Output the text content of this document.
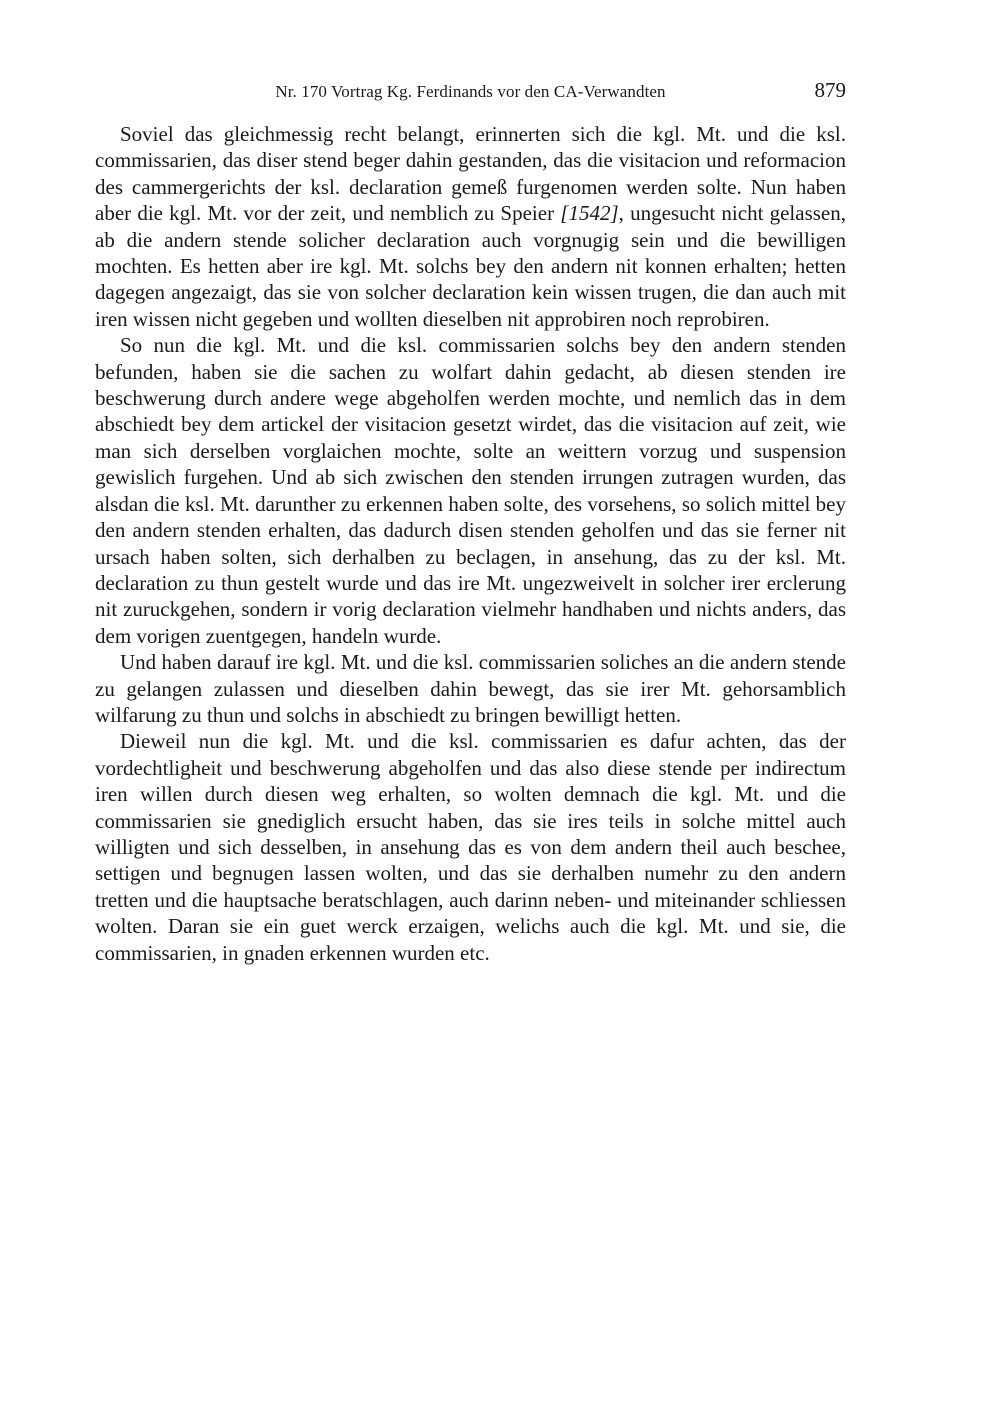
Nr. 170 Vortrag Kg. Ferdinands vor den CA-Verwandten	879

Soviel das gleichmessig recht belangt, erinnerten sich die kgl. Mt. und die ksl. commissarien, das diser stend beger dahin gestanden, das die visitacion und reformacion des cammergerichts der ksl. declaration gemeß furgenomen werden solte. Nun haben aber die kgl. Mt. vor der zeit, und nemblich zu Speier [1542], ungesucht nicht gelassen, ab die andern stende solicher declaration auch vorgnugig sein und die bewilligen mochten. Es hetten aber ire kgl. Mt. solchs bey den andern nit konnen erhalten; hetten dagegen angezaigt, das sie von solcher declaration kein wissen trugen, die dan auch mit iren wissen nicht gegeben und wollten dieselben nit approbiren noch reprobiren.

So nun die kgl. Mt. und die ksl. commissarien solchs bey den andern stenden befunden, haben sie die sachen zu wolfart dahin gedacht, ab diesen stenden ire beschwerung durch andere wege abgeholfen werden mochte, und nemlich das in dem abschiedt bey dem artickel der visitacion gesetzt wirdet, das die visitacion auf zeit, wie man sich derselben vorglaichen mochte, solte an weittern vorzug und suspension gewislich furgehen. Und ab sich zwischen den stenden irrungen zutragen wurden, das alsdan die ksl. Mt. darunther zu erkennen haben solte, des vorsehens, so solich mittel bey den andern stenden erhalten, das dadurch disen stenden geholfen und das sie ferner nit ursach haben solten, sich derhalben zu beclagen, in ansehung, das zu der ksl. Mt. declaration zu thun gestelt wurde und das ire Mt. ungezweivelt in solcher irer erclerung nit zuruckgehen, sondern ir vorig declaration vielmehr handhaben und nichts anders, das dem vorigen zuentgegen, handeln wurde.

Und haben darauf ire kgl. Mt. und die ksl. commissarien soliches an die andern stende zu gelangen zulassen und dieselben dahin bewegt, das sie irer Mt. gehorsamblich wilfarung zu thun und solchs in abschiedt zu bringen bewilligt hetten.

Dieweil nun die kgl. Mt. und die ksl. commissarien es dafur achten, das der vordechtligheit und beschwerung abgeholfen und das also diese stende per indirectum iren willen durch diesen weg erhalten, so wolten demnach die kgl. Mt. und die commissarien sie gnediglich ersucht haben, das sie ires teils in solche mittel auch willigten und sich desselben, in ansehung das es von dem andern theil auch beschee, settigen und begnugen lassen wolten, und das sie derhalben numehr zu den andern tretten und die hauptsache beratschlagen, auch darinn neben- und miteinander schliessen wolten. Daran sie ein guet werck erzaigen, welichs auch die kgl. Mt. und sie, die commissarien, in gnaden erkennen wurden etc.
